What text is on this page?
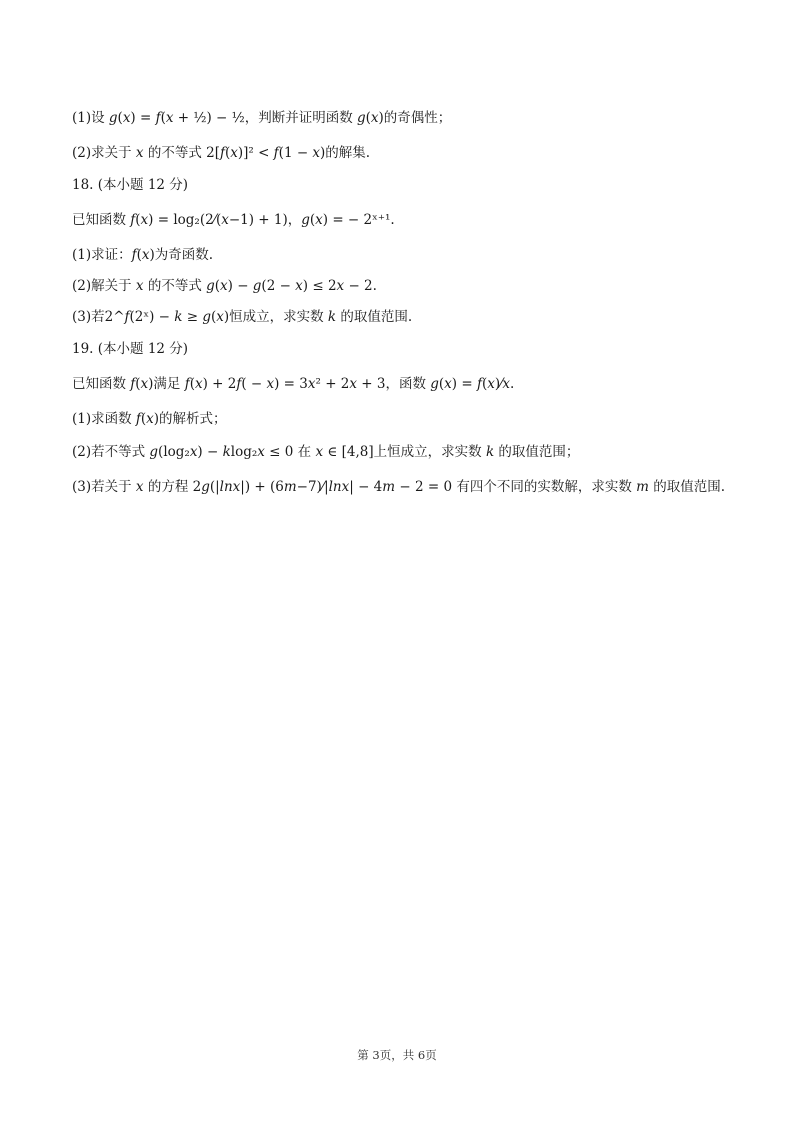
(1)设 𝑔(𝑥) = 𝑓(𝑥 + ½) − ½，判断并证明函数 𝑔(𝑥)的奇偶性；
(2)求关于 𝑥 的不等式 2[𝑓(𝑥)]² < 𝑓(1 − 𝑥)的解集.
18. (本小题 12 分)
已知函数 𝑓(𝑥) = log₂(2⁄(𝑥−1) + 1)，𝑔(𝑥) = − 2ˣ⁺¹.
(1)求证：𝑓(𝑥)为奇函数.
(2)解关于 𝑥 的不等式 𝑔(𝑥) − 𝑔(2 − 𝑥) ≤ 2𝑥 − 2.
(3)若2^𝑓(2ˣ) − 𝑘 ≥ 𝑔(𝑥)恒成立，求实数 𝑘 的取值范围.
19. (本小题 12 分)
已知函数 𝑓(𝑥)满足 𝑓(𝑥) + 2𝑓( − 𝑥) = 3𝑥² + 2𝑥 + 3，函数 𝑔(𝑥) = 𝑓(𝑥)⁄𝑥.
(1)求函数 𝑓(𝑥)的解析式；
(2)若不等式 𝑔(log₂𝑥) − 𝑘log₂𝑥 ≤ 0 在 𝑥 ∈ [4,8]上恒成立，求实数 𝑘 的取值范围；
(3)若关于 𝑥 的方程 2𝑔(|𝑙𝑛𝑥|) + (6𝑚−7)⁄|𝑙𝑛𝑥| − 4𝑚 − 2 = 0 有四个不同的实数解，求实数 𝑚 的取值范围.
第 3页，共 6页
